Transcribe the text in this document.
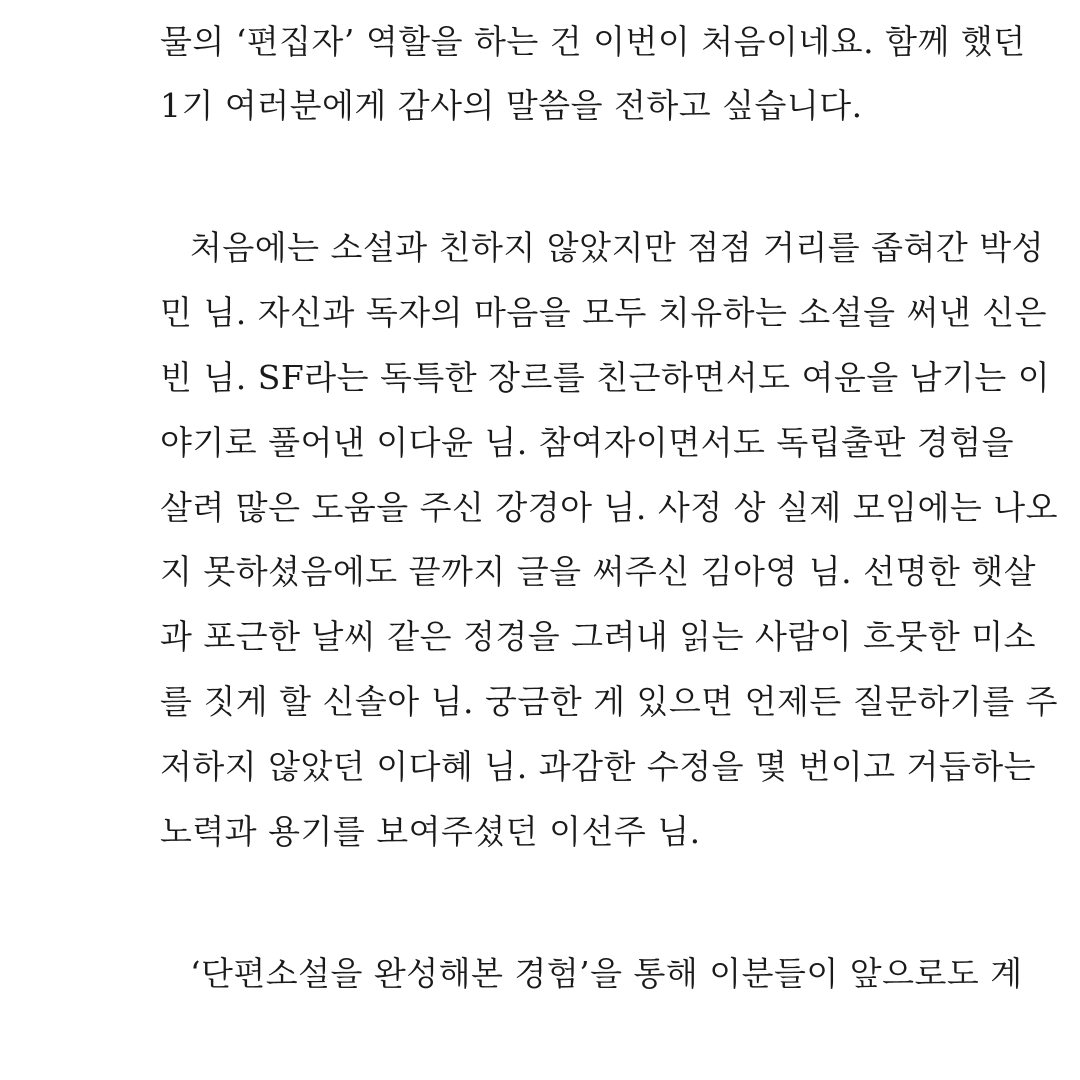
물의 ‘편집자’ 역할을 하는 건 이번이 처음이네요. 함께 했던
1기 여러분에게 감사의 말씀을 전하고 싶습니다.
처음에는 소설과 친하지 않았지만 점점 거리를 좁혀간 박성
민 님. 자신과 독자의 마음을 모두 치유하는 소설을 써낸 신은
빈 님. SF라는 독특한 장르를 친근하면서도 여운을 남기는 이
야기로 풀어낸 이다윤 님. 참여자이면서도 독립출판 경험을
살려 많은 도움을 주신 강경아 님. 사정 상 실제 모임에는 나오
지 못하셨음에도 끝까지 글을 써주신 김아영 님. 선명한 햇살
과 포근한 날씨 같은 정경을 그려내 읽는 사람이 흐뭇한 미소
를 짓게 할 신솔아 님. 궁금한 게 있으면 언제든 질문하기를 주
저하지 않았던 이다혜 님. 과감한 수정을 몇 번이고 거듭하는
노력과 용기를 보여주셨던 이선주 님.
‘단편소설을 완성해본 경험’을 통해 이분들이 앞으로도 계
